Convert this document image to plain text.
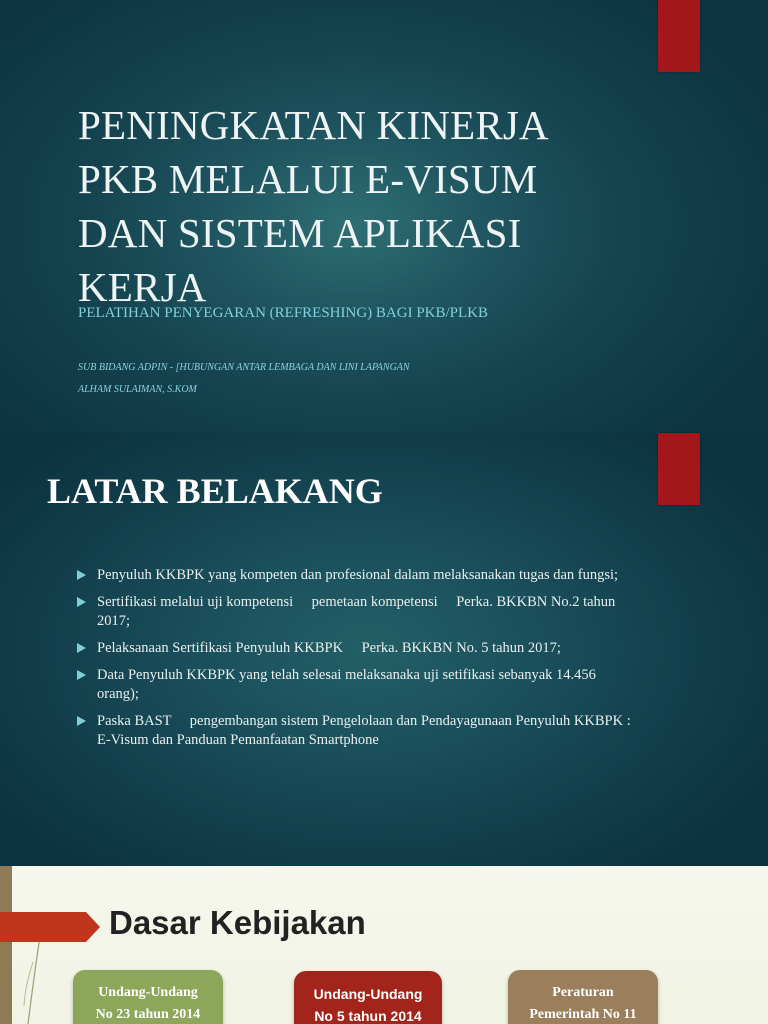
PENINGKATAN KINERJA
PKB MELALUI E-VISUM
DAN SISTEM APLIKASI
KERJA
PELATIHAN PENYEGARAN (REFRESHING) BAGI PKB/PLKB
SUB BIDANG ADPIN - [HUBUNGAN ANTAR LEMBAGA DAN LINI LAPANGAN
ALHAM SULAIMAN, S.KOM
LATAR BELAKANG
Penyuluh KKBPK yang kompeten dan profesional dalam melaksanakan tugas dan fungsi;
Sertifikasi melalui uji kompetensi pemetaan kompetensi Perka. BKKBN No.2 tahun 2017;
Pelaksanaan Sertifikasi Penyuluh KKBPK Perka. BKKBN No. 5 tahun 2017;
Data Penyuluh KKBPK yang telah selesai melaksanaka uji setifikasi sebanyak 14.456 orang);
Paska BAST pengembangan sistem Pengelolaan dan Pendayagunaan Penyuluh KKBPK : E-Visum dan Panduan Pemanfaatan Smartphone
Dasar Kebijakan
Undang-Undang
No 23 tahun 2014
Undang-Undang
No 5 tahun 2014
Peraturan
Pemerintah No 11
